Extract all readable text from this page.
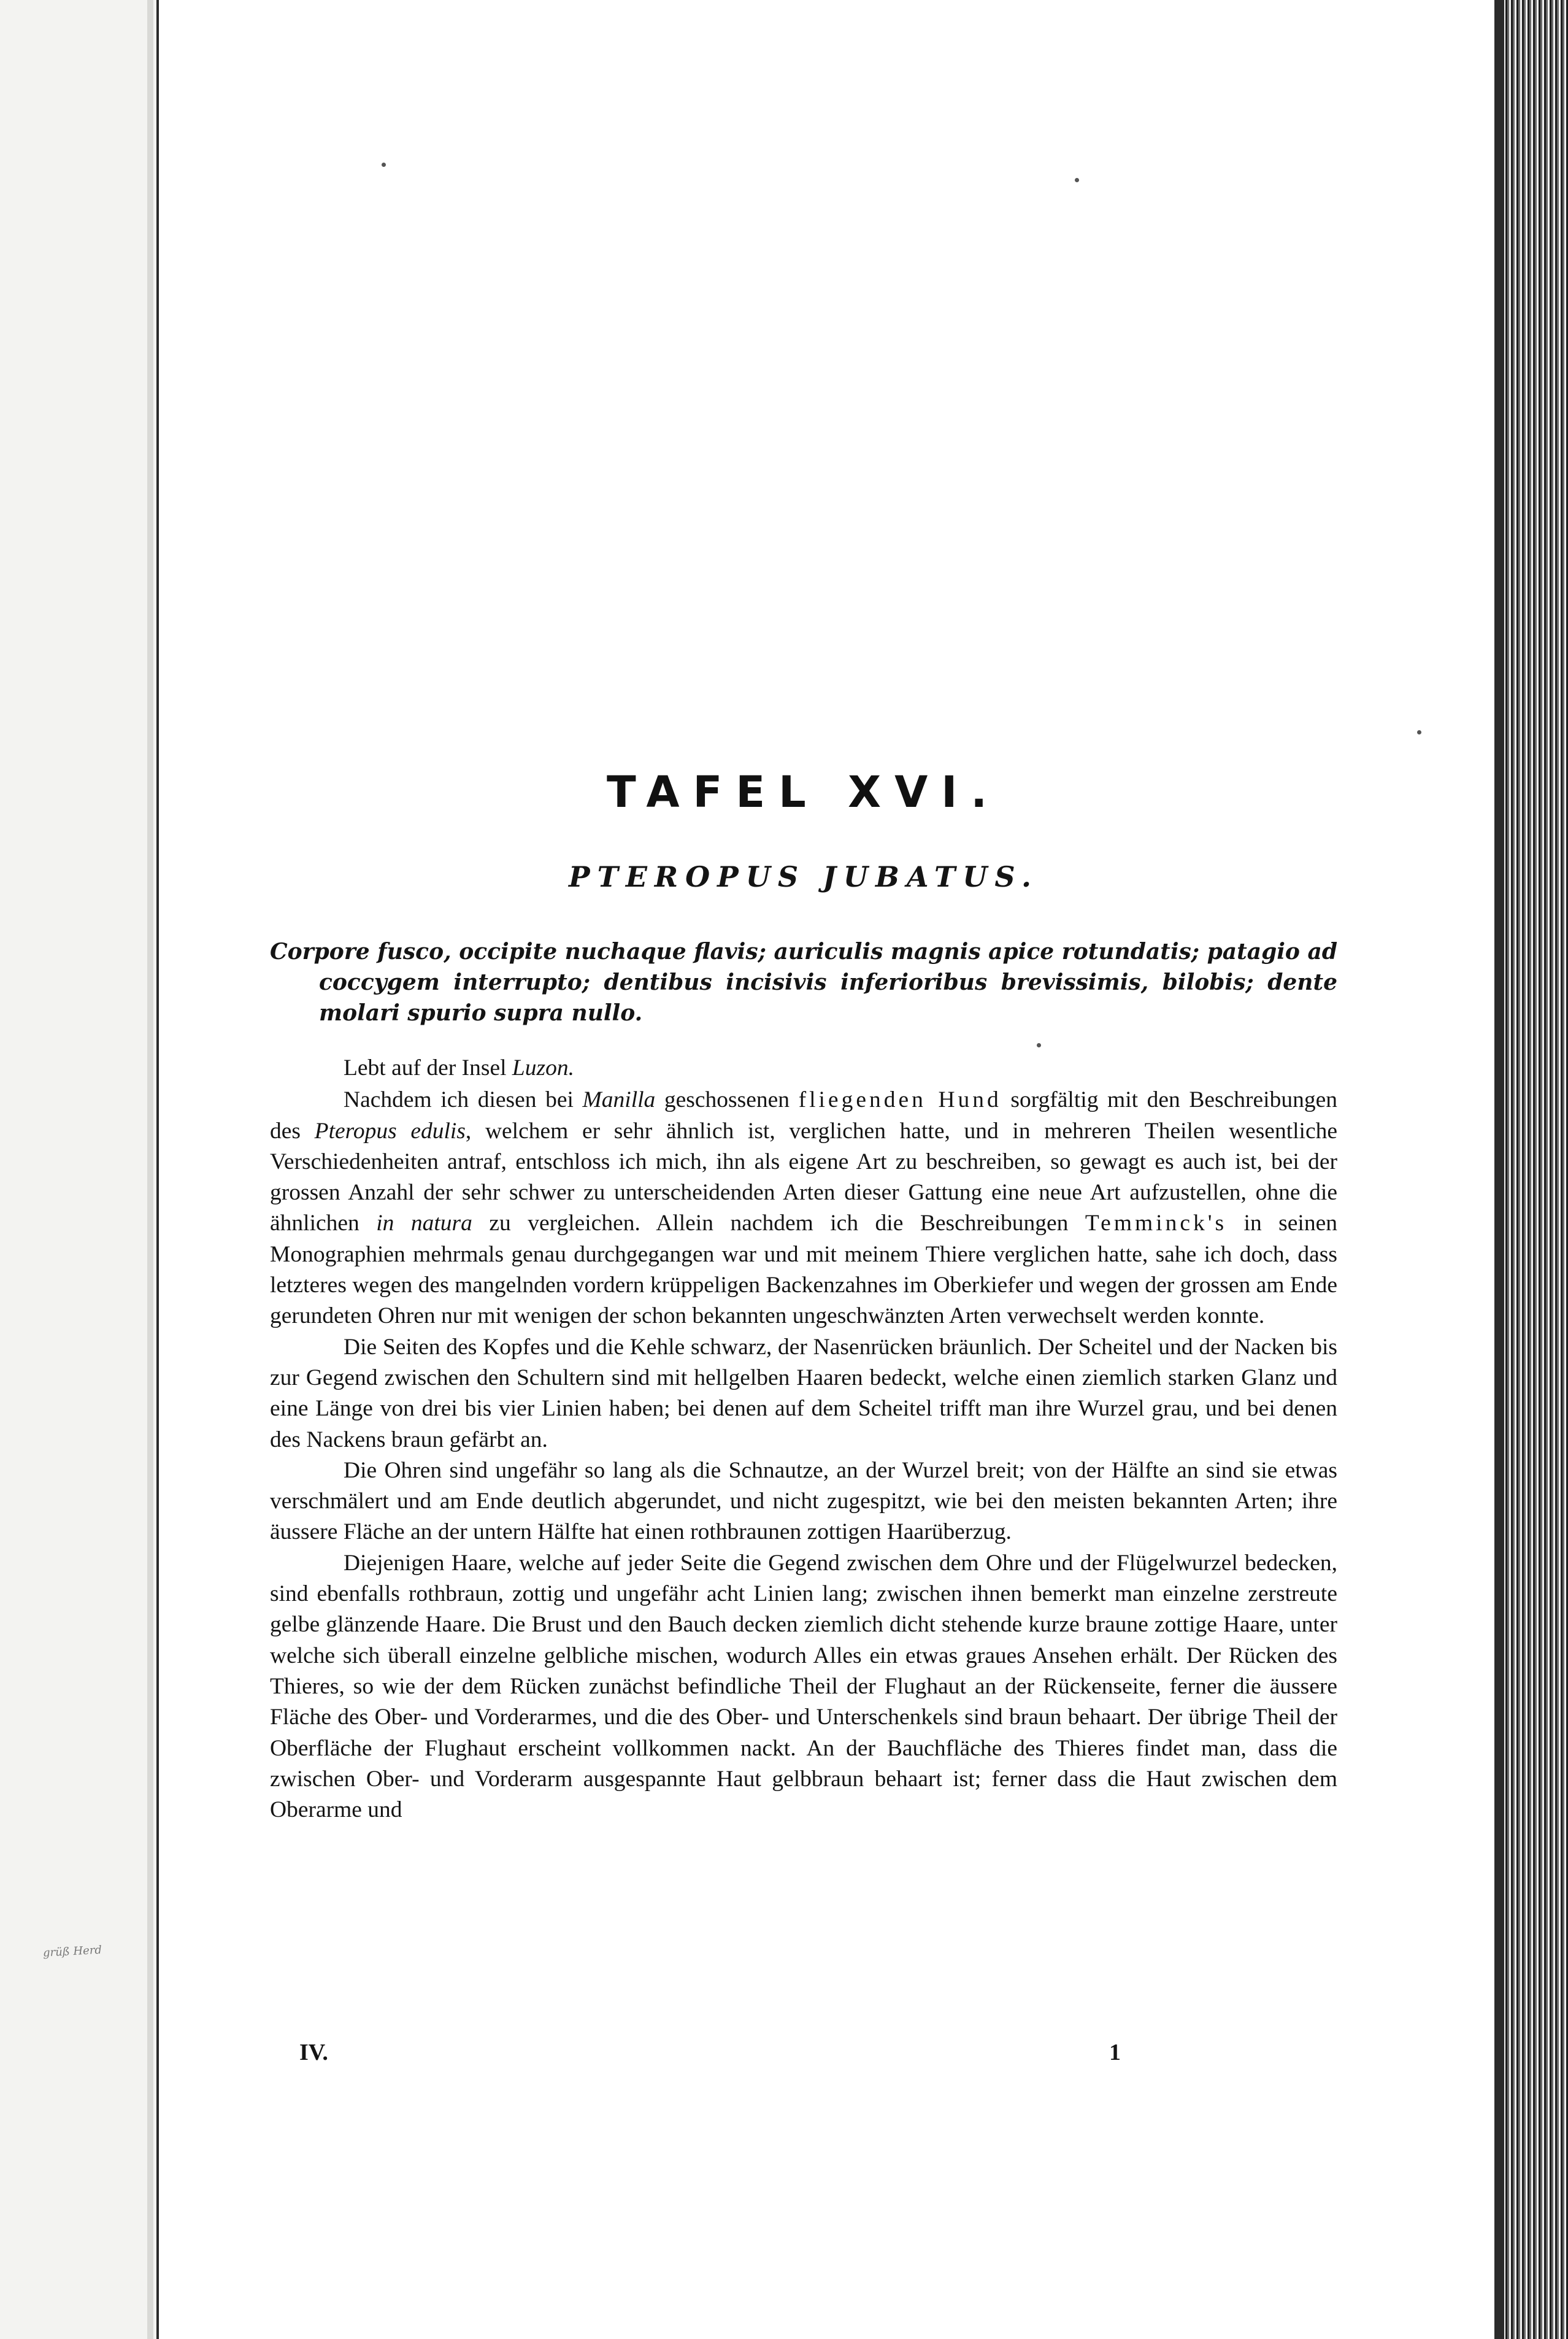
grüß Herd
TAFEL XVI.
PTEROPUS JUBATUS.

Corpore fusco, occipite nuchaque flavis; auriculis magnis apice rotundatis; patagio ad coccygem interrupto; dentibus incisivis inferioribus brevissimis, bilobis; dente molari spurio supra nullo.

Lebt auf der Insel Luzon.

Nachdem ich diesen bei Manilla geschossenen fliegenden Hund sorgfältig mit den Beschreibungen des Pteropus edulis, welchem er sehr ähnlich ist, verglichen hatte, und in mehreren Theilen wesentliche Verschiedenheiten antraf, entschloss ich mich, ihn als eigene Art zu beschreiben, so gewagt es auch ist, bei der grossen Anzahl der sehr schwer zu unterscheidenden Arten dieser Gattung eine neue Art aufzustellen, ohne die ähnlichen in natura zu vergleichen. Allein nachdem ich die Beschreibungen Temminck's in seinen Monographien mehrmals genau durchgegangen war und mit meinem Thiere verglichen hatte, sahe ich doch, dass letzteres wegen des mangelnden vordern krüppeligen Backenzahnes im Oberkiefer und wegen der grossen am Ende gerundeten Ohren nur mit wenigen der schon bekannten ungeschwänzten Arten verwechselt werden konnte.

Die Seiten des Kopfes und die Kehle schwarz, der Nasenrücken bräunlich. Der Scheitel und der Nacken bis zur Gegend zwischen den Schultern sind mit hellgelben Haaren bedeckt, welche einen ziemlich starken Glanz und eine Länge von drei bis vier Linien haben; bei denen auf dem Scheitel trifft man ihre Wurzel grau, und bei denen des Nackens braun gefärbt an.

Die Ohren sind ungefähr so lang als die Schnautze, an der Wurzel breit; von der Hälfte an sind sie etwas verschmälert und am Ende deutlich abgerundet, und nicht zugespitzt, wie bei den meisten bekannten Arten; ihre äussere Fläche an der untern Hälfte hat einen rothbraunen zottigen Haarüberzug.

Diejenigen Haare, welche auf jeder Seite die Gegend zwischen dem Ohre und der Flügelwurzel bedecken, sind ebenfalls rothbraun, zottig und ungefähr acht Linien lang; zwischen ihnen bemerkt man einzelne zerstreute gelbe glänzende Haare. Die Brust und den Bauch decken ziemlich dicht stehende kurze braune zottige Haare, unter welche sich überall einzelne gelbliche mischen, wodurch Alles ein etwas graues Ansehen erhält. Der Rücken des Thieres, so wie der dem Rücken zunächst befindliche Theil der Flughaut an der Rückenseite, ferner die äussere Fläche des Ober- und Vorderarmes, und die des Ober- und Unterschenkels sind braun behaart. Der übrige Theil der Oberfläche der Flughaut erscheint vollkommen nackt. An der Bauchfläche des Thieres findet man, dass die zwischen Ober- und Vorderarm ausgespannte Haut gelbbraun behaart ist; ferner dass die Haut zwischen dem Oberarme und

IV.	1
